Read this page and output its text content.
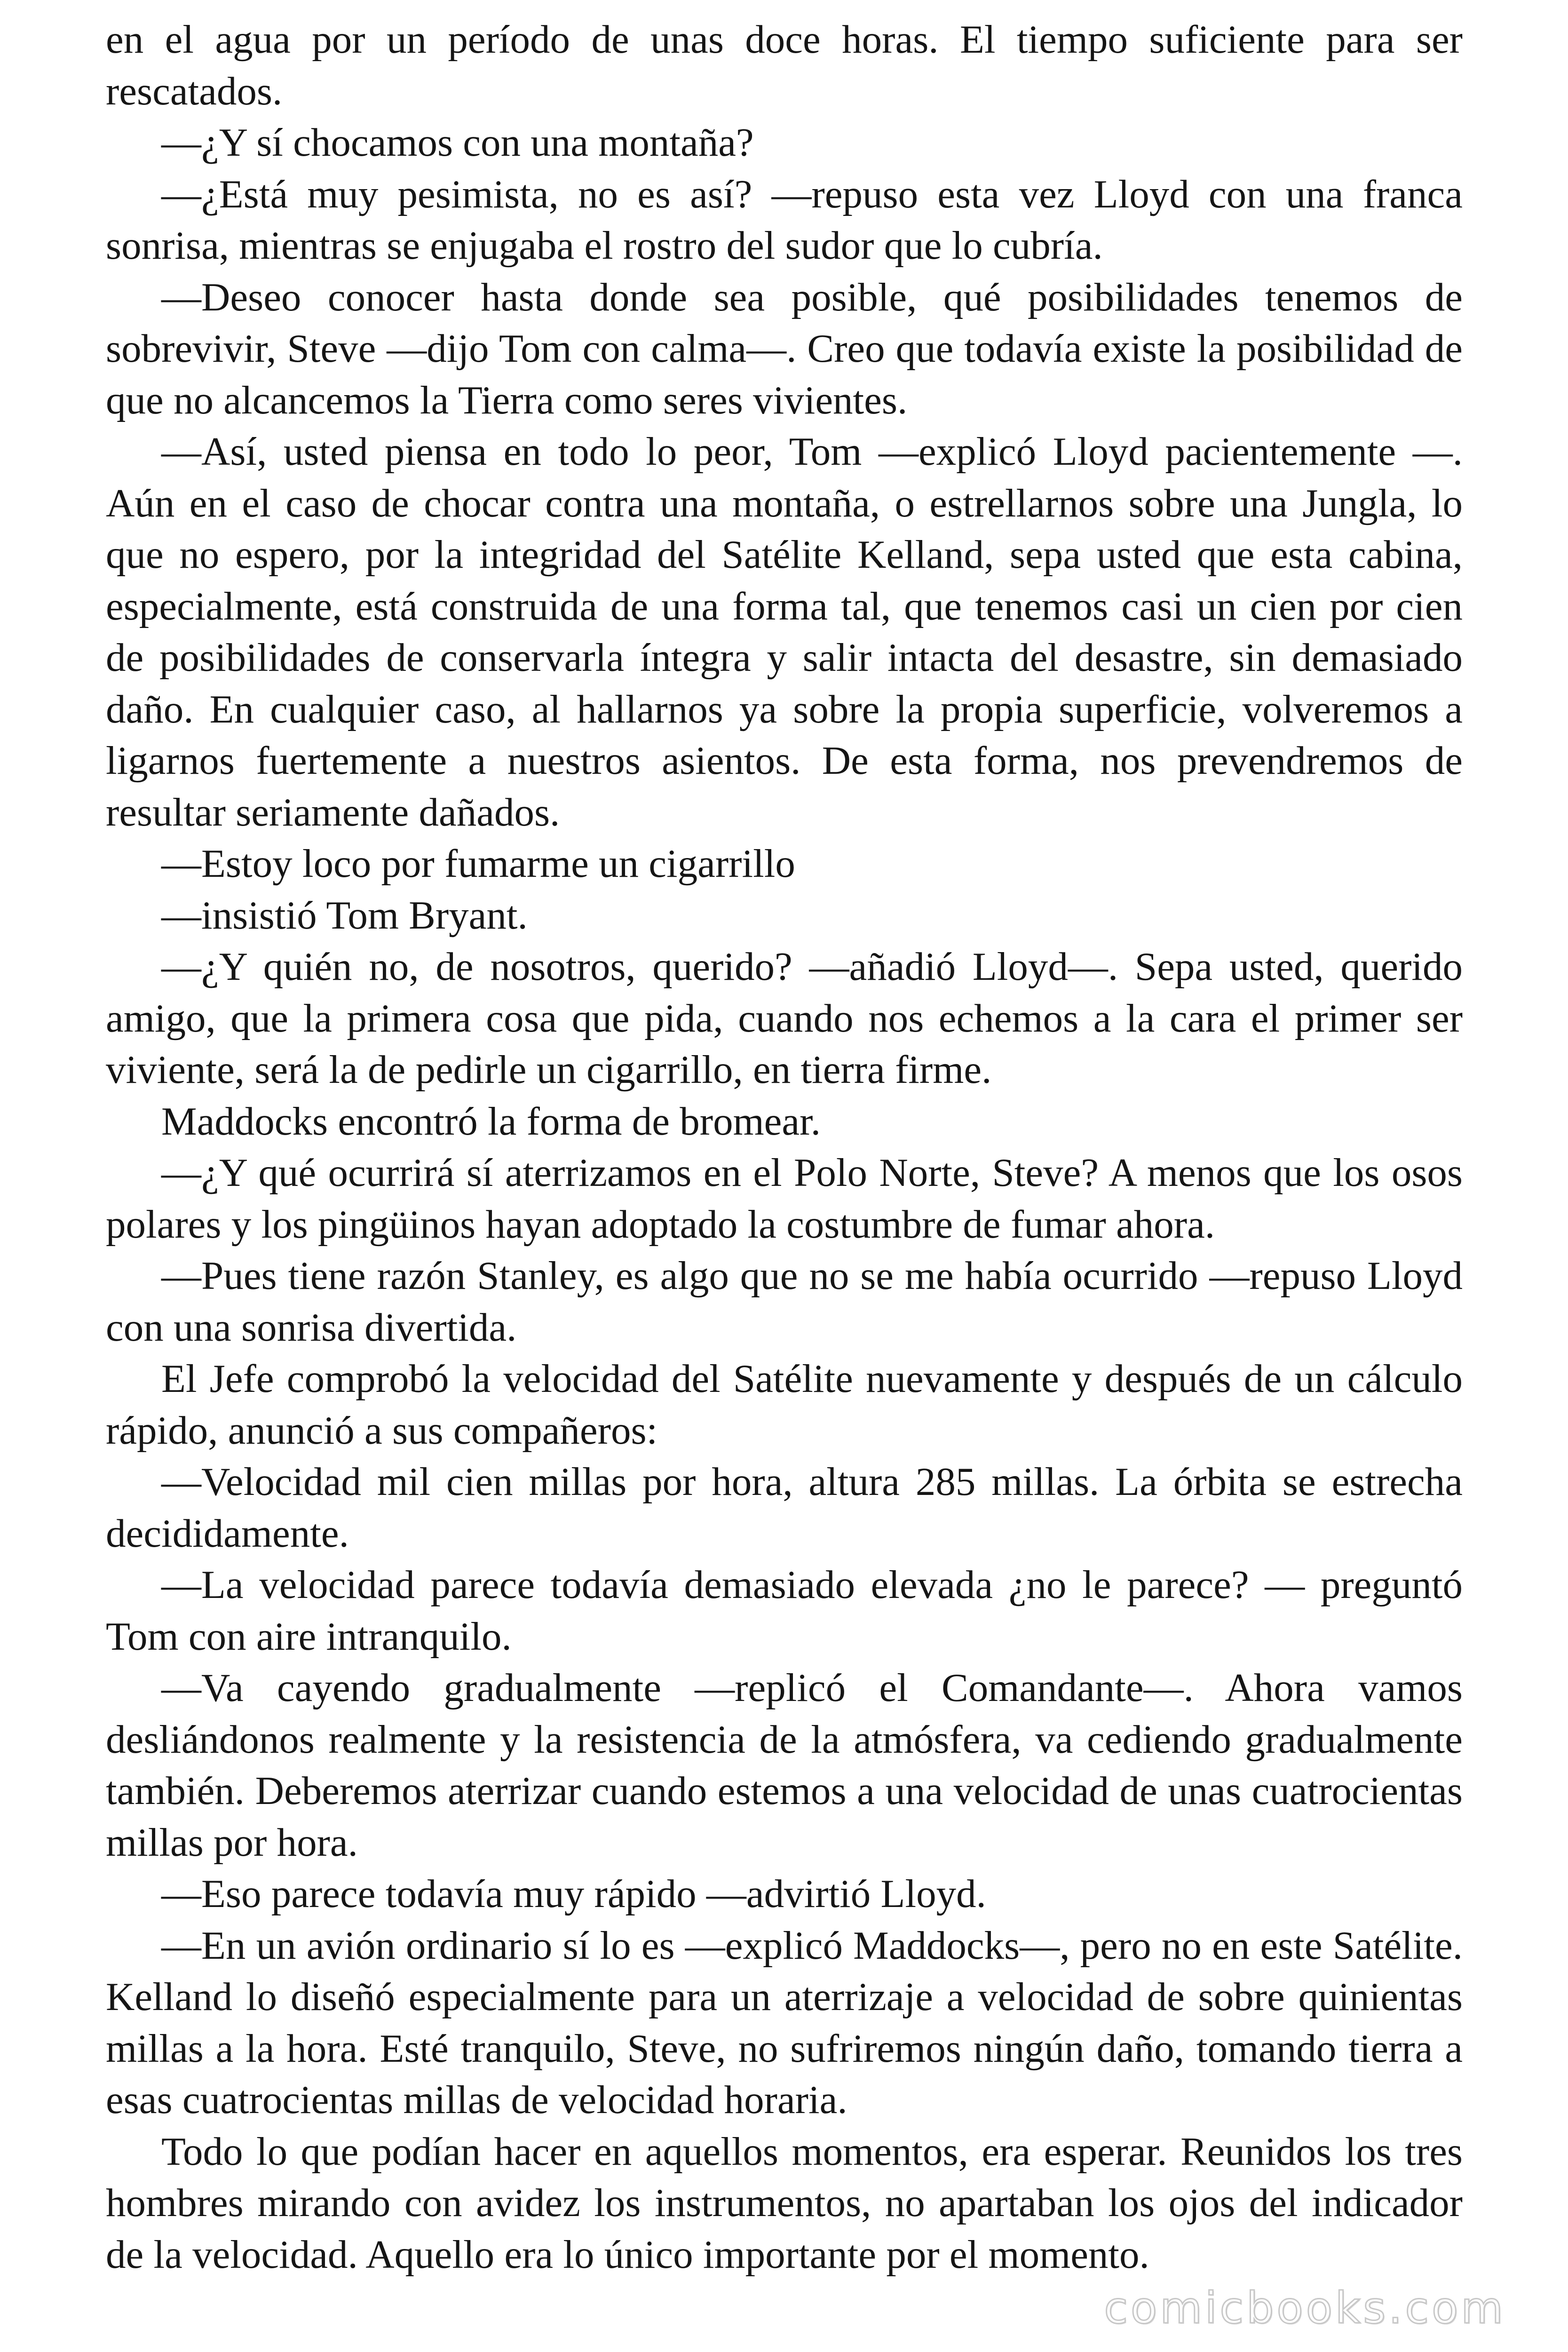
en el agua por un período de unas doce horas. El tiempo suficiente para ser rescatados.

—¿Y sí chocamos con una montaña?

—¿Está muy pesimista, no es así? —repuso esta vez Lloyd con una franca sonrisa, mientras se enjugaba el rostro del sudor que lo cubría.

—Deseo conocer hasta donde sea posible, qué posibilidades tenemos de sobrevivir, Steve —dijo Tom con calma—. Creo que todavía existe la posibilidad de que no alcancemos la Tierra como seres vivientes.

—Así, usted piensa en todo lo peor, Tom —explicó Lloyd pacientemente —. Aún en el caso de chocar contra una montaña, o estrellarnos sobre una Jungla, lo que no espero, por la integridad del Satélite Kelland, sepa usted que esta cabina, especialmente, está construida de una forma tal, que tenemos casi un cien por cien de posibilidades de conservarla íntegra y salir intacta del desastre, sin demasiado daño. En cualquier caso, al hallarnos ya sobre la propia superficie, volveremos a ligarnos fuertemente a nuestros asientos. De esta forma, nos prevendremos de resultar seriamente dañados.

—Estoy loco por fumarme un cigarrillo

—insistió Tom Bryant.

—¿Y quién no, de nosotros, querido? —añadió Lloyd—. Sepa usted, querido amigo, que la primera cosa que pida, cuando nos echemos a la cara el primer ser viviente, será la de pedirle un cigarrillo, en tierra firme.

Maddocks encontró la forma de bromear.

—¿Y qué ocurrirá sí aterrizamos en el Polo Norte, Steve? A menos que los osos polares y los pingüinos hayan adoptado la costumbre de fumar ahora.

—Pues tiene razón Stanley, es algo que no se me había ocurrido —repuso Lloyd con una sonrisa divertida.

El Jefe comprobó la velocidad del Satélite nuevamente y después de un cálculo rápido, anunció a sus compañeros:

—Velocidad mil cien millas por hora, altura 285 millas. La órbita se estrecha decididamente.

—La velocidad parece todavía demasiado elevada ¿no le parece? — preguntó Tom con aire intranquilo.

—Va cayendo gradualmente —replicó el Comandante—. Ahora vamos desliándonos realmente y la resistencia de la atmósfera, va cediendo gradualmente también. Deberemos aterrizar cuando estemos a una velocidad de unas cuatrocientas millas por hora.

—Eso parece todavía muy rápido —advirtió Lloyd.

—En un avión ordinario sí lo es —explicó Maddocks—, pero no en este Satélite. Kelland lo diseñó especialmente para un aterrizaje a velocidad de sobre quinientas millas a la hora. Esté tranquilo, Steve, no sufriremos ningún daño, tomando tierra a esas cuatrocientas millas de velocidad horaria.

Todo lo que podían hacer en aquellos momentos, era esperar. Reunidos los tres hombres mirando con avidez los instrumentos, no apartaban los ojos del indicador de la velocidad. Aquello era lo único importante por el momento.

comicbooks.com
